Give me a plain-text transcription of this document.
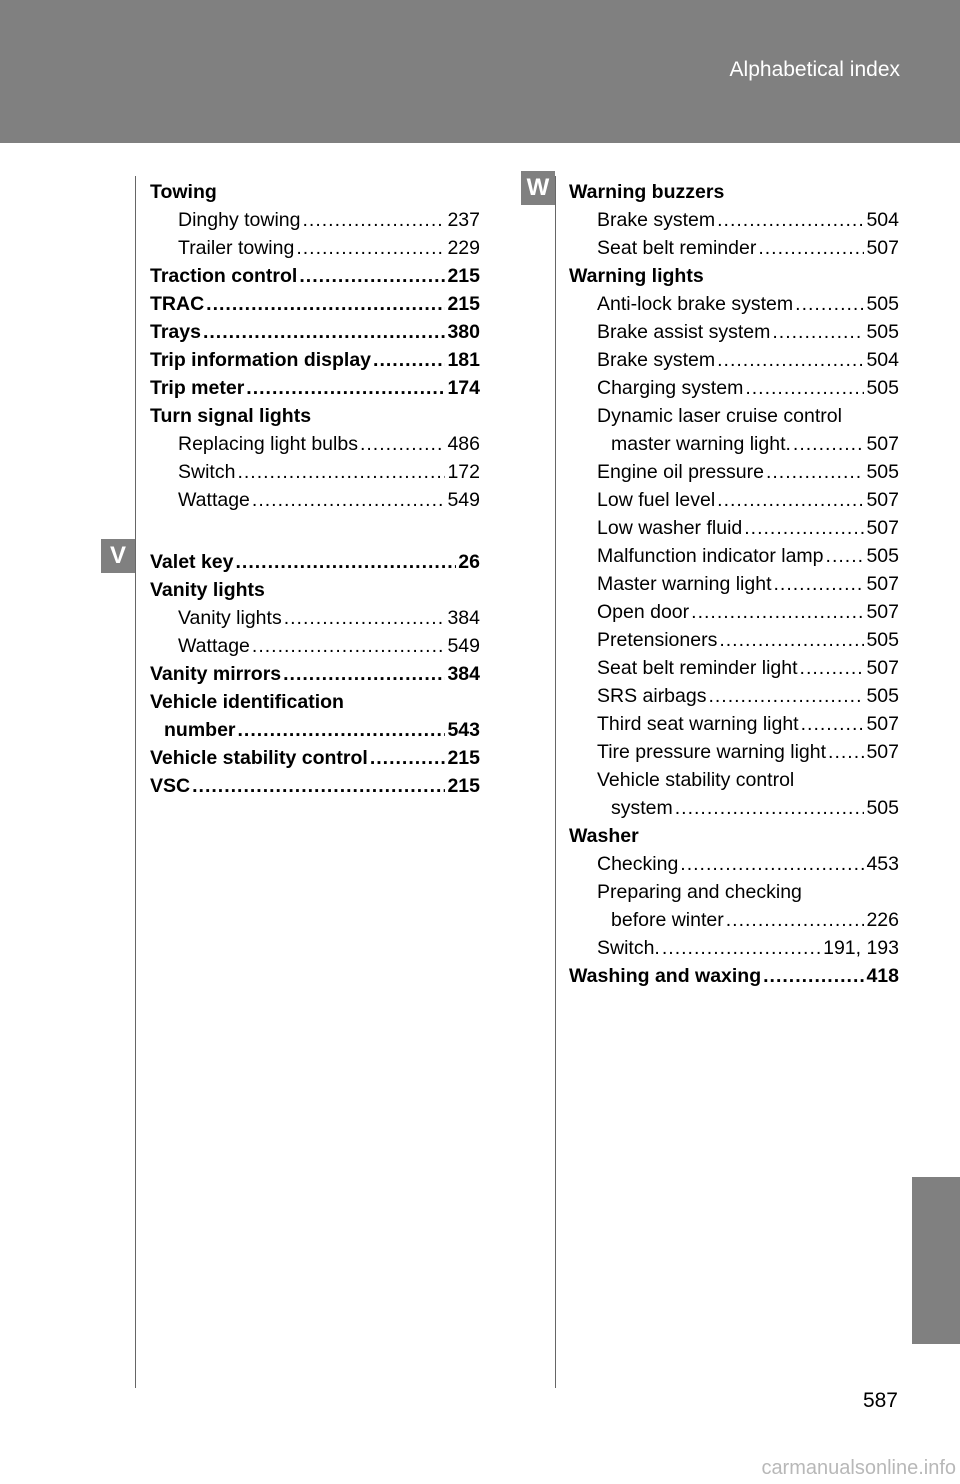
Alphabetical index
V
W
Towing
Dinghy towing .....	237
Trailer towing .....	229
Traction control .....	215
TRAC .....	215
Trays .....	380
Trip information display .....	181
Trip meter .....	174
Turn signal lights
Replacing light bulbs .....	486
Switch .....	172
Wattage .....	549
Valet key .....	26
Vanity lights
Vanity lights .....	384
Wattage .....	549
Vanity mirrors .....	384
Vehicle identification
number .....	543
Vehicle stability control .....	215
VSC .....	215
Warning buzzers
Brake system .....	504
Seat belt reminder .....	507
Warning lights
Anti-lock brake system .....	505
Brake assist system .....	505
Brake system .....	504
Charging system .....	505
Dynamic laser cruise control
master warning light. .....	507
Engine oil pressure .....	505
Low fuel level .....	507
Low washer fluid .....	507
Malfunction indicator lamp ..... 505
Master warning light .....	507
Open door .....	507
Pretensioners .....	505
Seat belt reminder light .....	507
SRS airbags .....	505
Third seat warning light .....	507
Tire pressure warning light ..... 507
Vehicle stability control
system .....	505
Washer
Checking .....	453
Preparing and checking
before winter .....	226
Switch. .....	191, 193
Washing and waxing .....	418
587
carmanualsonline.info
